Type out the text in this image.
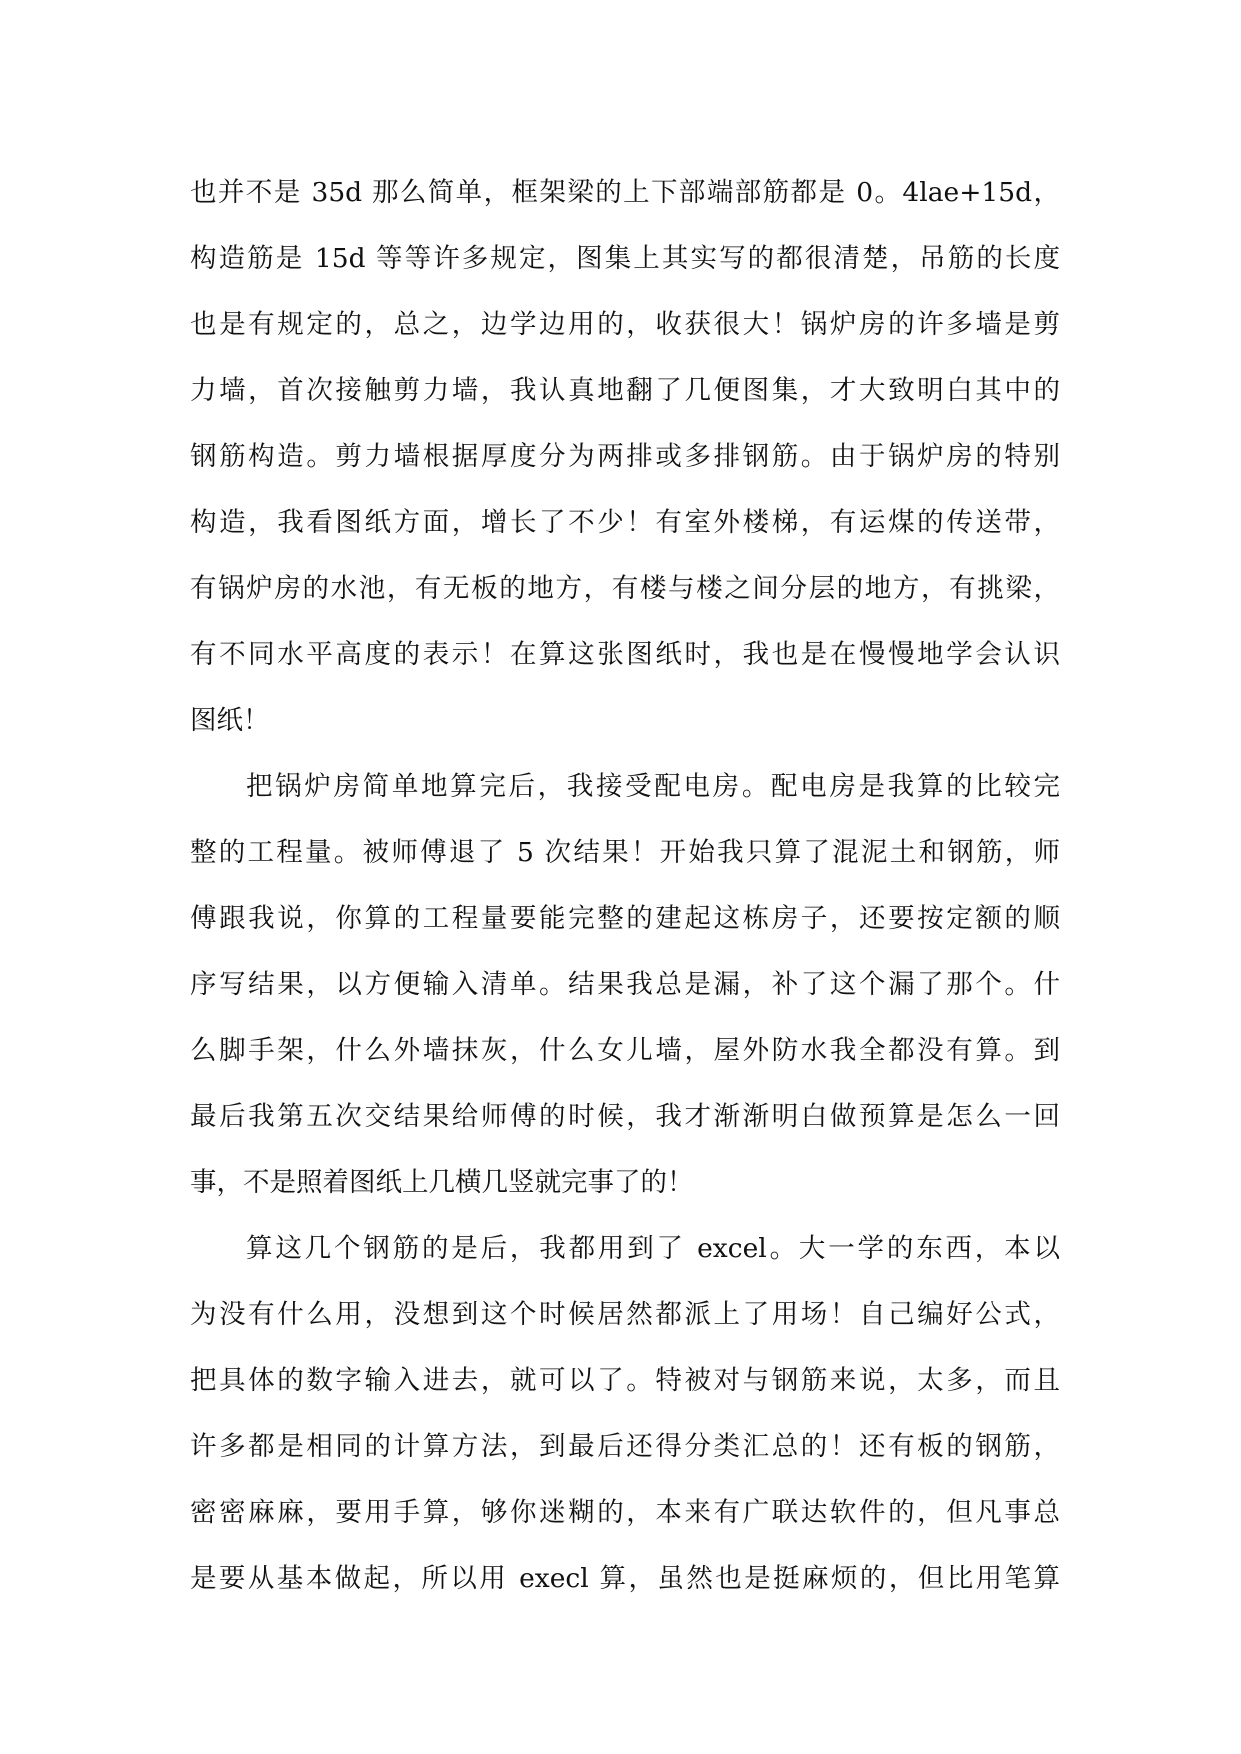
也并不是 35d 那么简单，框架梁的上下部端部筋都是 0。4lae+15d，
构造筋是 15d 等等许多规定，图集上其实写的都很清楚，吊筋的长度
也是有规定的，总之，边学边用的，收获很大！锅炉房的许多墙是剪
力墙，首次接触剪力墙，我认真地翻了几便图集，才大致明白其中的
钢筋构造。剪力墙根据厚度分为两排或多排钢筋。由于锅炉房的特别
构造，我看图纸方面，增长了不少！有室外楼梯，有运煤的传送带，
有锅炉房的水池，有无板的地方，有楼与楼之间分层的地方，有挑梁，
有不同水平高度的表示！在算这张图纸时，我也是在慢慢地学会认识
图纸！
把锅炉房简单地算完后，我接受配电房。配电房是我算的比较完
整的工程量。被师傅退了 5 次结果！开始我只算了混泥土和钢筋，师
傅跟我说，你算的工程量要能完整的建起这栋房子，还要按定额的顺
序写结果，以方便输入清单。结果我总是漏，补了这个漏了那个。什
么脚手架，什么外墙抹灰，什么女儿墙，屋外防水我全都没有算。到
最后我第五次交结果给师傅的时候，我才渐渐明白做预算是怎么一回
事，不是照着图纸上几横几竖就完事了的！
算这几个钢筋的是后，我都用到了 excel。大一学的东西，本以
为没有什么用，没想到这个时候居然都派上了用场！自己编好公式，
把具体的数字输入进去，就可以了。特被对与钢筋来说，太多，而且
许多都是相同的计算方法，到最后还得分类汇总的！还有板的钢筋，
密密麻麻，要用手算，够你迷糊的，本来有广联达软件的，但凡事总
是要从基本做起，所以用 execl 算，虽然也是挺麻烦的，但比用笔算
